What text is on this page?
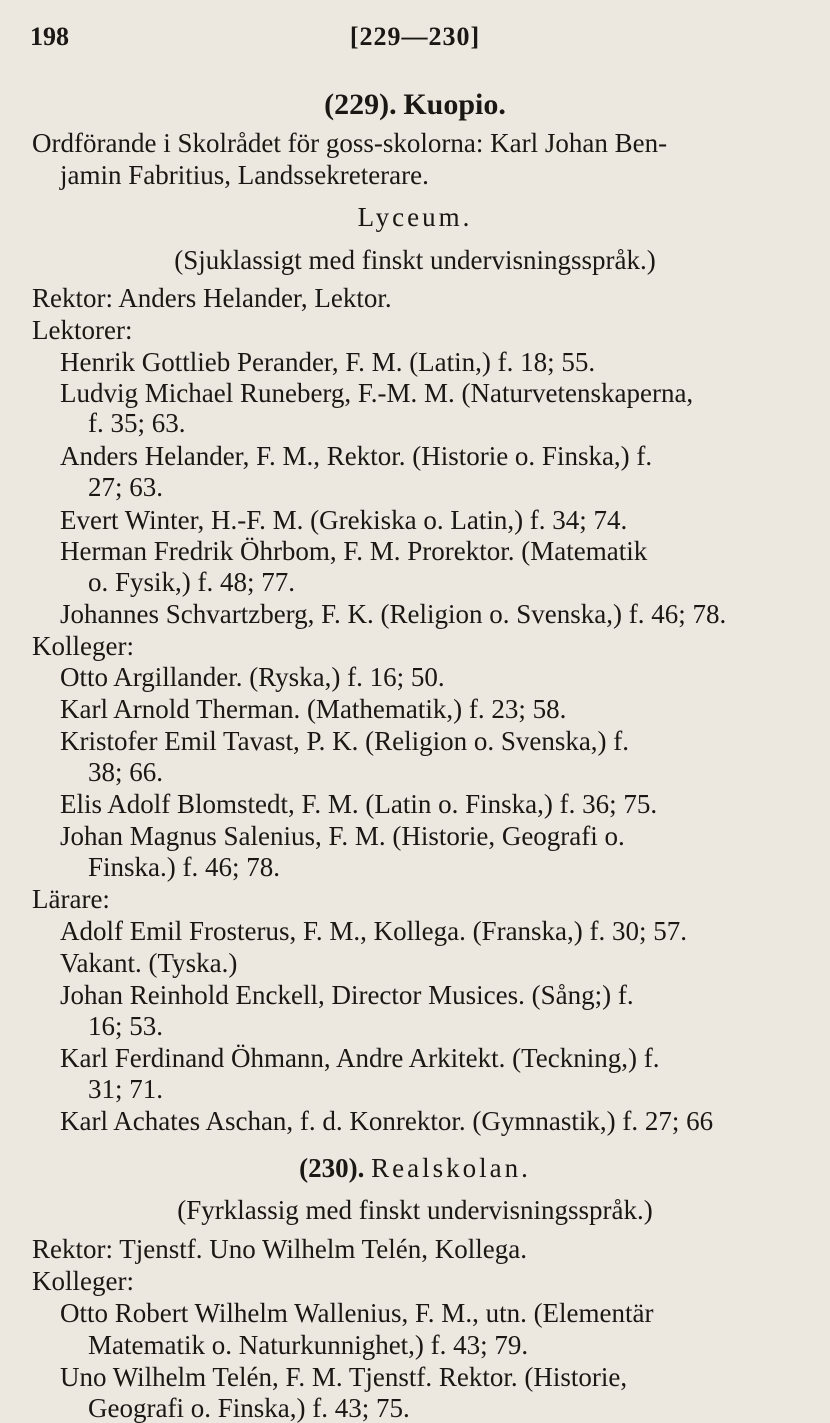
198	[229—230]
(229). Kuopio.
Ordförande i Skolrådet för goss-skolorna: Karl Johan Ben-
jamin Fabritius, Landssekreterare.
Lyceum.
(Sjuklassigt med finskt undervisningsspråk.)
Rektor: Anders Helander, Lektor.
Lektorer:
Henrik Gottlieb Perander, F. M. (Latin,) f. 18; 55.
Ludvig Michael Runeberg, F.-M. M. (Naturvetenskaperna,
f. 35; 63.
Anders Helander, F. M., Rektor. (Historie o. Finska,) f.
27; 63.
Evert Winter, H.-F. M. (Grekiska o. Latin,) f. 34; 74.
Herman Fredrik Öhrbom, F. M. Prorektor. (Matematik
o. Fysik,) f. 48; 77.
Johannes Schvartzberg, F. K. (Religion o. Svenska,) f. 46; 78.
Kolleger:
Otto Argillander. (Ryska,) f. 16; 50.
Karl Arnold Therman. (Mathematik,) f. 23; 58.
Kristofer Emil Tavast, P. K. (Religion o. Svenska,) f.
38; 66.
Elis Adolf Blomstedt, F. M. (Latin o. Finska,) f. 36; 75.
Johan Magnus Salenius, F. M. (Historie, Geografi o.
Finska.) f. 46; 78.
Lärare:
Adolf Emil Frosterus, F. M., Kollega. (Franska,) f. 30; 57.
Vakant. (Tyska.)
Johan Reinhold Enckell, Director Musices. (Sång;) f.
16; 53.
Karl Ferdinand Öhmann, Andre Arkitekt. (Teckning,) f.
31; 71.
Karl Achates Aschan, f. d. Konrektor. (Gymnastik,) f. 27; 66
(230). Realskolan.
(Fyrklassig med finskt undervisningsspråk.)
Rektor: Tjenstf. Uno Wilhelm Telén, Kollega.
Kolleger:
Otto Robert Wilhelm Wallenius, F. M., utn. (Elementär
Matematik o. Naturkunnighet,) f. 43; 79.
Uno Wilhelm Telén, F. M. Tjenstf. Rektor. (Historie,
Geografi o. Finska,) f. 43; 75.
